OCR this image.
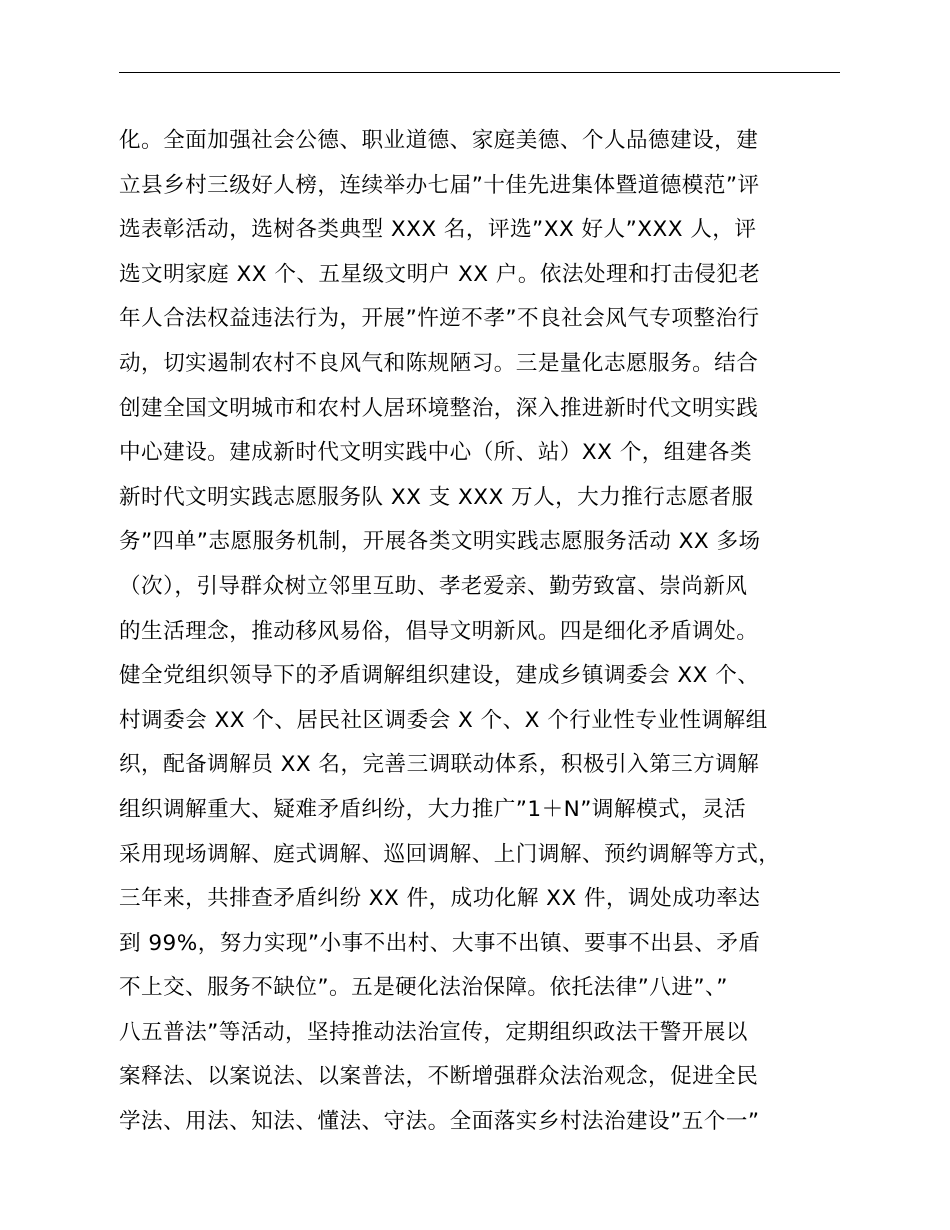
化。全面加强社会公德、职业道德、家庭美德、个人品德建设，建
立县乡村三级好人榜，连续举办七届”十佳先进集体暨道德模范”评
选表彰活动，选树各类典型 XXX 名，评选”XX 好人”XXX 人，评
选文明家庭 XX 个、五星级文明户 XX 户。依法处理和打击侵犯老
年人合法权益违法行为，开展”忤逆不孝”不良社会风气专项整治行
动，切实遏制农村不良风气和陈规陋习。三是量化志愿服务。结合
创建全国文明城市和农村人居环境整治，深入推进新时代文明实践
中心建设。建成新时代文明实践中心（所、站）XX 个，组建各类
新时代文明实践志愿服务队 XX 支 XXX 万人，大力推行志愿者服
务”四单”志愿服务机制，开展各类文明实践志愿服务活动 XX 多场
（次），引导群众树立邻里互助、孝老爱亲、勤劳致富、崇尚新风
的生活理念，推动移风易俗，倡导文明新风。四是细化矛盾调处。
健全党组织领导下的矛盾调解组织建设，建成乡镇调委会 XX 个、
村调委会 XX 个、居民社区调委会 X 个、X 个行业性专业性调解组
织，配备调解员 XX 名，完善三调联动体系，积极引入第三方调解
组织调解重大、疑难矛盾纠纷，大力推广”1＋N”调解模式，灵活
采用现场调解、庭式调解、巡回调解、上门调解、预约调解等方式，
三年来，共排查矛盾纠纷 XX 件，成功化解 XX 件，调处成功率达
到 99%，努力实现”小事不出村、大事不出镇、要事不出县、矛盾
不上交、服务不缺位”。五是硬化法治保障。依托法律”八进”、”
八五普法”等活动，坚持推动法治宣传，定期组织政法干警开展以
案释法、以案说法、以案普法，不断增强群众法治观念，促进全民
学法、用法、知法、懂法、守法。全面落实乡村法治建设”五个一”
